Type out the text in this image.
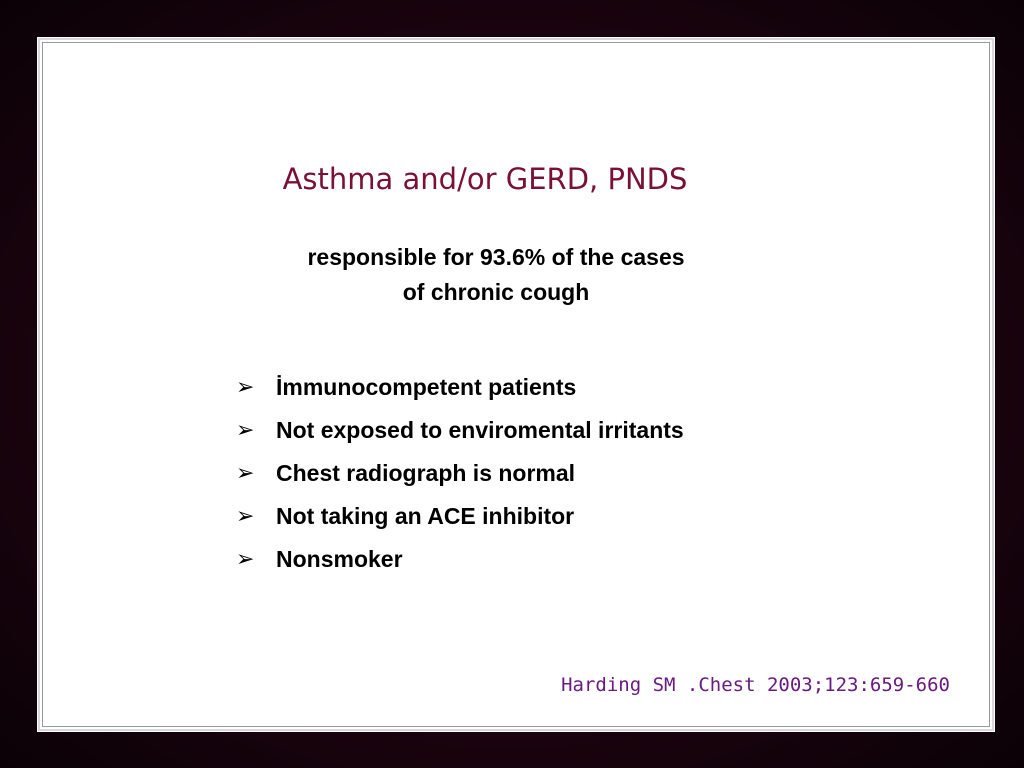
Asthma and/or GERD, PNDS
responsible for 93.6% of the cases
of chronic cough
➢ İmmunocompetent patients
➢ Not exposed to enviromental irritants
➢ Chest radiograph is normal
➢ Not taking an ACE inhibitor
➢ Nonsmoker
Harding SM .Chest 2003;123:659-660
